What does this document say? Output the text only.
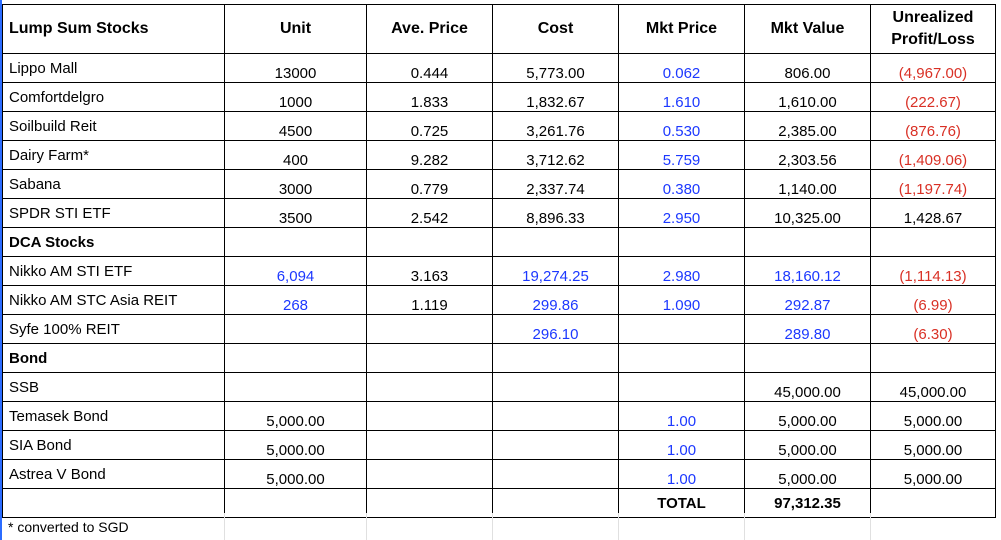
Lump Sum Stocks	Unit	Ave. Price	Cost	Mkt Price	Mkt Value	Unrealized
Profit/Loss
Lippo Mall	13000	0.444	5,773.00	0.062	806.00	(4,967.00)
Comfortdelgro	1000	1.833	1,832.67	1.610	1,610.00	(222.67)
Soilbuild Reit	4500	0.725	3,261.76	0.530	2,385.00	(876.76)
Dairy Farm*	400	9.282	3,712.62	5.759	2,303.56	(1,409.06)
Sabana	3000	0.779	2,337.74	0.380	1,140.00	(1,197.74)
SPDR STI ETF	3500	2.542	8,896.33	2.950	10,325.00	1,428.67
DCA Stocks						
Nikko AM STI ETF	6,094	3.163	19,274.25	2.980	18,160.12	(1,114.13)
Nikko AM STC Asia REIT	268	1.119	299.86	1.090	292.87	(6.99)
Syfe 100% REIT			296.10		289.80	(6.30)
Bond						
SSB					45,000.00	45,000.00
Temasek Bond	5,000.00			1.00	5,000.00	5,000.00
SIA Bond	5,000.00			1.00	5,000.00	5,000.00
Astrea V Bond	5,000.00			1.00	5,000.00	5,000.00
				TOTAL	97,312.35	
* converted to SGD
